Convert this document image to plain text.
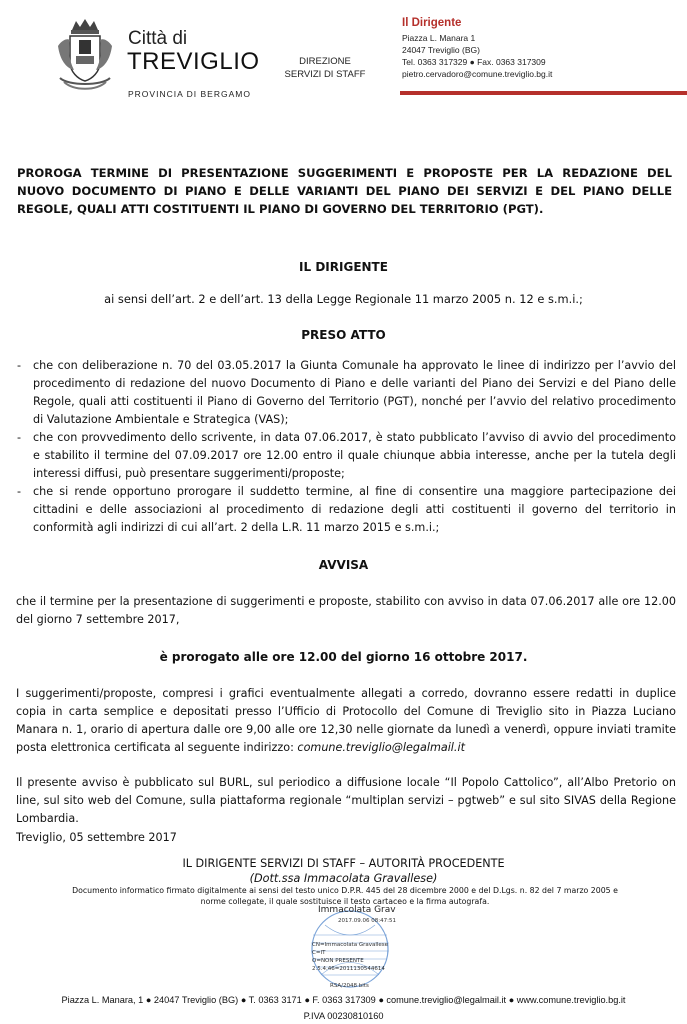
Città di
TREVIGLIO
PROVINCIA DI BERGAMO
DIREZIONE
SERVIZI DI STAFF
Il Dirigente
Piazza L. Manara 1
24047 Treviglio (BG)
Tel. 0363 317329 ● Fax. 0363 317309
pietro.cervadoro@comune.treviglio.bg.it
PROROGA TERMINE DI PRESENTAZIONE SUGGERIMENTI E PROPOSTE PER LA REDAZIONE DEL NUOVO DOCUMENTO DI PIANO E DELLE VARIANTI DEL PIANO DEI SERVIZI E DEL PIANO DELLE REGOLE, QUALI ATTI COSTITUENTI IL PIANO DI GOVERNO DEL TERRITORIO (PGT).
IL DIRIGENTE
ai sensi dell’art. 2 e dell’art. 13 della Legge Regionale 11 marzo 2005 n. 12 e s.m.i.;
PRESO ATTO
- che con deliberazione n. 70 del 03.05.2017 la Giunta Comunale ha approvato le linee di indirizzo per l’avvio del procedimento di redazione del nuovo Documento di Piano e delle varianti del Piano dei Servizi e del Piano delle Regole, quali atti costituenti il Piano di Governo del Territorio (PGT), nonché per l’avvio del relativo procedimento di Valutazione Ambientale e Strategica (VAS);
- che con provvedimento dello scrivente, in data 07.06.2017, è stato pubblicato l’avviso di avvio del procedimento e stabilito il termine del 07.09.2017 ore 12.00 entro il quale chiunque abbia interesse, anche per la tutela degli interessi diffusi, può presentare suggerimenti/proposte;
- che si rende opportuno prorogare il suddetto termine, al fine di consentire una maggiore partecipazione dei cittadini e delle associazioni al procedimento di redazione degli atti costituenti il governo del territorio in conformità agli indirizzi di cui all’art. 2 della L.R. 11 marzo 2015 e s.m.i.;
AVVISA
che il termine per la presentazione di suggerimenti e proposte, stabilito con avviso in data 07.06.2017 alle ore 12.00 del giorno 7 settembre 2017,
è prorogato alle ore 12.00 del giorno 16 ottobre 2017.
I suggerimenti/proposte, compresi i grafici eventualmente allegati a corredo, dovranno essere redatti in duplice copia in carta semplice e depositati presso l’Ufficio di Protocollo del Comune di Treviglio sito in Piazza Luciano Manara n. 1, orario di apertura dalle ore 9,00 alle ore 12,30 nelle giornate da lunedì a venerdì, oppure inviati tramite posta elettronica certificata al seguente indirizzo: comune.treviglio@legalmail.it
Il presente avviso è pubblicato sul BURL, sul periodico a diffusione locale “Il Popolo Cattolico”, all’Albo Pretorio on line, sul sito web del Comune, sulla piattaforma regionale “multiplan servizi – pgtweb” e sul sito SIVAS della Regione Lombardia.
Treviglio, 05 settembre 2017
IL DIRIGENTE SERVIZI DI STAFF – AUTORITÀ PROCEDENTE
(Dott.ssa Immacolata Gravallese)
Documento informatico firmato digitalmente ai sensi del testo unico D.P.R. 445 del 28 dicembre 2000 e del D.Lgs. n. 82 del 7 marzo 2005 e
norme collegate, il quale sostituisce il testo cartaceo e la firma autografa.
Immacolata Grav
2017.09.06 08:47:51
CN=Immacolata Gravallese
C=IT
O=NON PRESENTE
2.5.4.46=2011130544614
RSA/2048 bits
Piazza L. Manara, 1 ● 24047 Treviglio (BG) ● T. 0363 3171 ● F. 0363 317309 ● comune.treviglio@legalmail.it ● www.comune.treviglio.bg.it
P.IVA 00230810160
